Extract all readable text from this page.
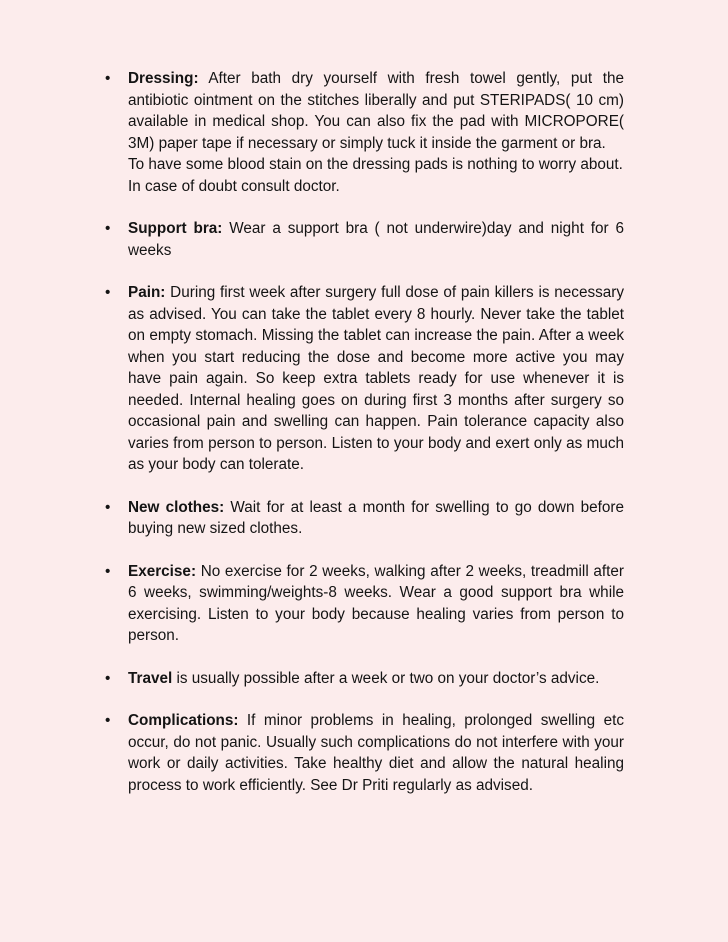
• Dressing: After bath dry yourself with fresh towel gently, put the antibiotic ointment on the stitches liberally and put STERIPADS( 10 cm) available in medical shop. You can also fix the pad with MICROPORE( 3M) paper tape if necessary or simply tuck it inside the garment or bra.
To have some blood stain on the dressing pads is nothing to worry about. In case of doubt consult doctor.
• Support bra: Wear a support bra ( not underwire)day and night for 6 weeks
• Pain: During first week after surgery full dose of pain killers is necessary as advised. You can take the tablet every 8 hourly. Never take the tablet on empty stomach. Missing the tablet can increase the pain. After a week when you start reducing the dose and become more active you may have pain again. So keep extra tablets ready for use whenever it is needed. Internal healing goes on during first 3 months after surgery so occasional pain and swelling can happen. Pain tolerance capacity also varies from person to person. Listen to your body and exert only as much as your body can tolerate.
• New clothes: Wait for at least a month for swelling to go down before buying new sized clothes.
• Exercise: No exercise for 2 weeks, walking after 2 weeks, treadmill after 6 weeks, swimming/weights-8 weeks. Wear a good support bra while exercising. Listen to your body because healing varies from person to person.
• Travel is usually possible after a week or two on your doctor’s advice.
• Complications: If minor problems in healing, prolonged swelling etc occur, do not panic. Usually such complications do not interfere with your work or daily activities. Take healthy diet and allow the natural healing process to work efficiently. See Dr Priti regularly as advised.
